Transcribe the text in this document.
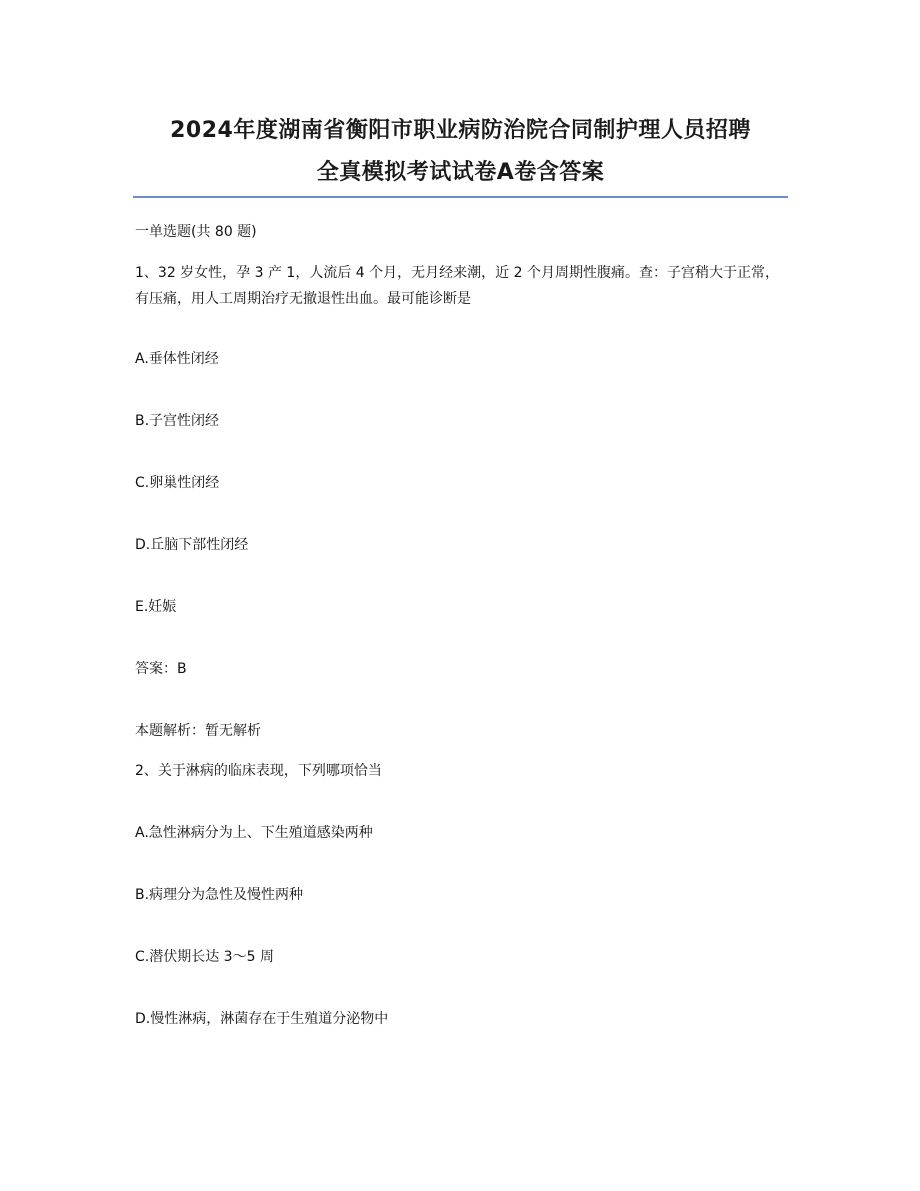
2024年度湖南省衡阳市职业病防治院合同制护理人员招聘
全真模拟考试试卷A卷含答案
一单选题(共 80 题)
1、32 岁女性，孕 3 产 1，人流后 4 个月，无月经来潮，近 2 个月周期性腹痛。查：子宫稍大于正常，有压痛，用人工周期治疗无撤退性出血。最可能诊断是
A.垂体性闭经
B.子宫性闭经
C.卵巢性闭经
D.丘脑下部性闭经
E.妊娠
答案：B
本题解析：暂无解析
2、关于淋病的临床表现，下列哪项恰当
A.急性淋病分为上、下生殖道感染两种
B.病理分为急性及慢性两种
C.潜伏期长达 3～5 周
D.慢性淋病，淋菌存在于生殖道分泌物中
